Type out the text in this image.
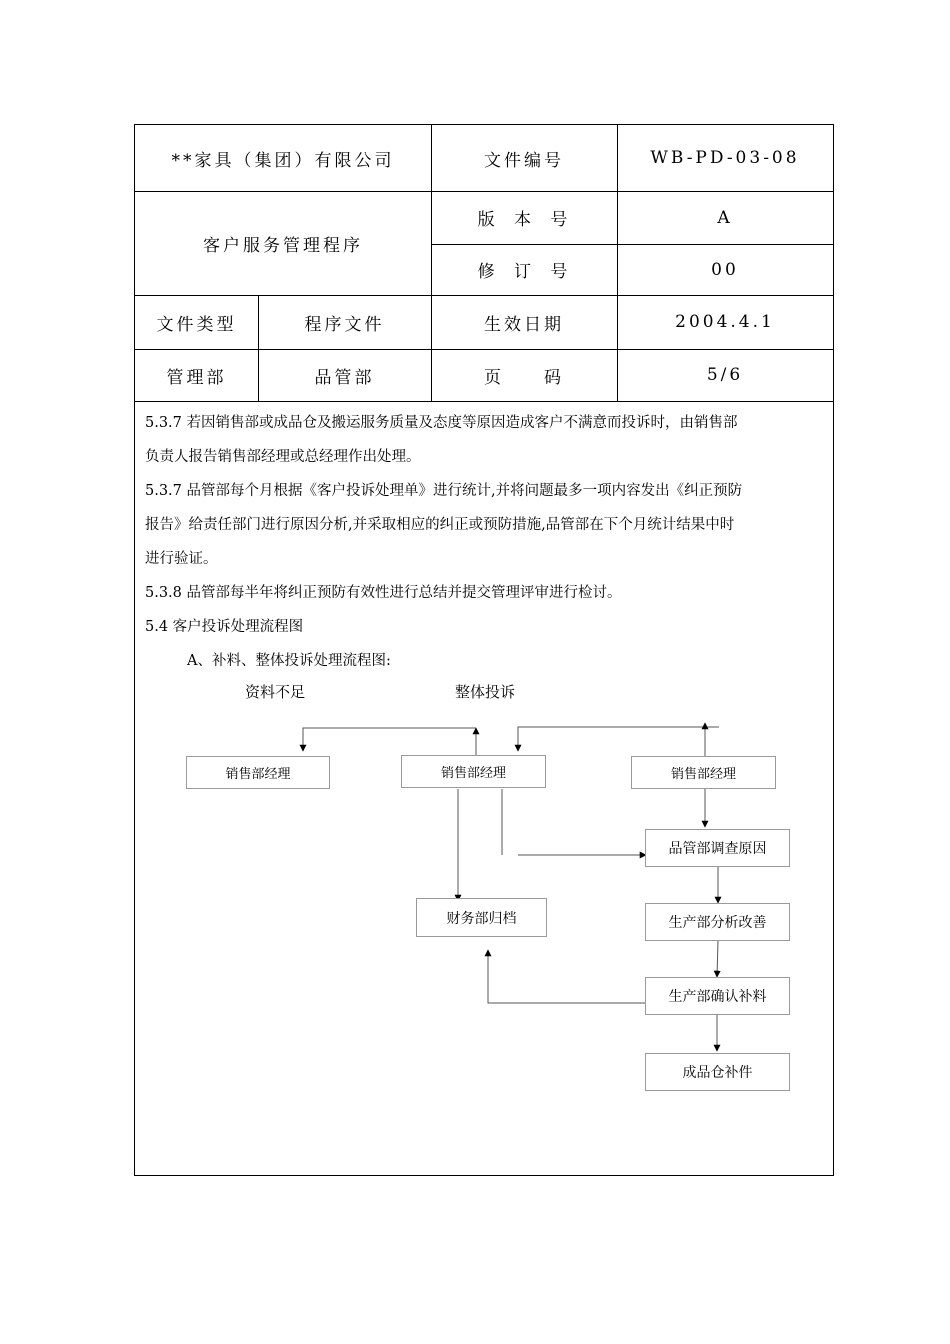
**家具（集团）有限公司	文件编号	WB-PD-03-08
客户服务管理程序
版 本 号	A
修 订 号	00
文件类型	程序文件	生效日期	2004.4.1
管理部	品管部	页　　码	5/6
5.3.7 若因销售部或成品仓及搬运服务质量及态度等原因造成客户不满意而投诉时，由销售部
负责人报告销售部经理或总经理作出处理。
5.3.7 品管部每个月根据《客户投诉处理单》进行统计,并将问题最多一项内容发出《纠正预防
报告》给责任部门进行原因分析,并采取相应的纠正或预防措施,品管部在下个月统计结果中时
进行验证。
5.3.8 品管部每半年将纠正预防有效性进行总结并提交管理评审进行检讨。
5.4 客户投诉处理流程图
A、补料、整体投诉处理流程图:
资料不足	整体投诉
销售部经理	销售部经理	销售部经理
品管部调查原因
财务部归档	生产部分析改善
生产部确认补料
成品仓补件
